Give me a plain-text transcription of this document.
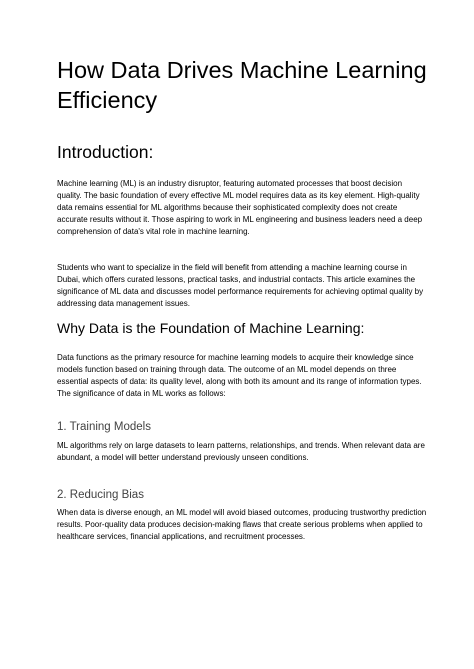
How Data Drives Machine Learning Efficiency
Introduction:

Machine learning (ML) is an industry disruptor, featuring automated processes that boost decision quality. The basic foundation of every effective ML model requires data as its key element. High-quality data remains essential for ML algorithms because their sophisticated complexity does not create accurate results without it. Those aspiring to work in ML engineering and business leaders need a deep comprehension of data's vital role in machine learning.

Students who want to specialize in the field will benefit from attending a machine learning course in Dubai, which offers curated lessons, practical tasks, and industrial contacts. This article examines the significance of ML data and discusses model performance requirements for achieving optimal quality by addressing data management issues.

Why Data is the Foundation of Machine Learning:

Data functions as the primary resource for machine learning models to acquire their knowledge since models function based on training through data. The outcome of an ML model depends on three essential aspects of data: its quality level, along with both its amount and its range of information types. The significance of data in ML works as follows:

1. Training Models

ML algorithms rely on large datasets to learn patterns, relationships, and trends. When relevant data are abundant, a model will better understand previously unseen conditions.

2. Reducing Bias

When data is diverse enough, an ML model will avoid biased outcomes, producing trustworthy prediction results. Poor-quality data produces decision-making flaws that create serious problems when applied to healthcare services, financial applications, and recruitment processes.
